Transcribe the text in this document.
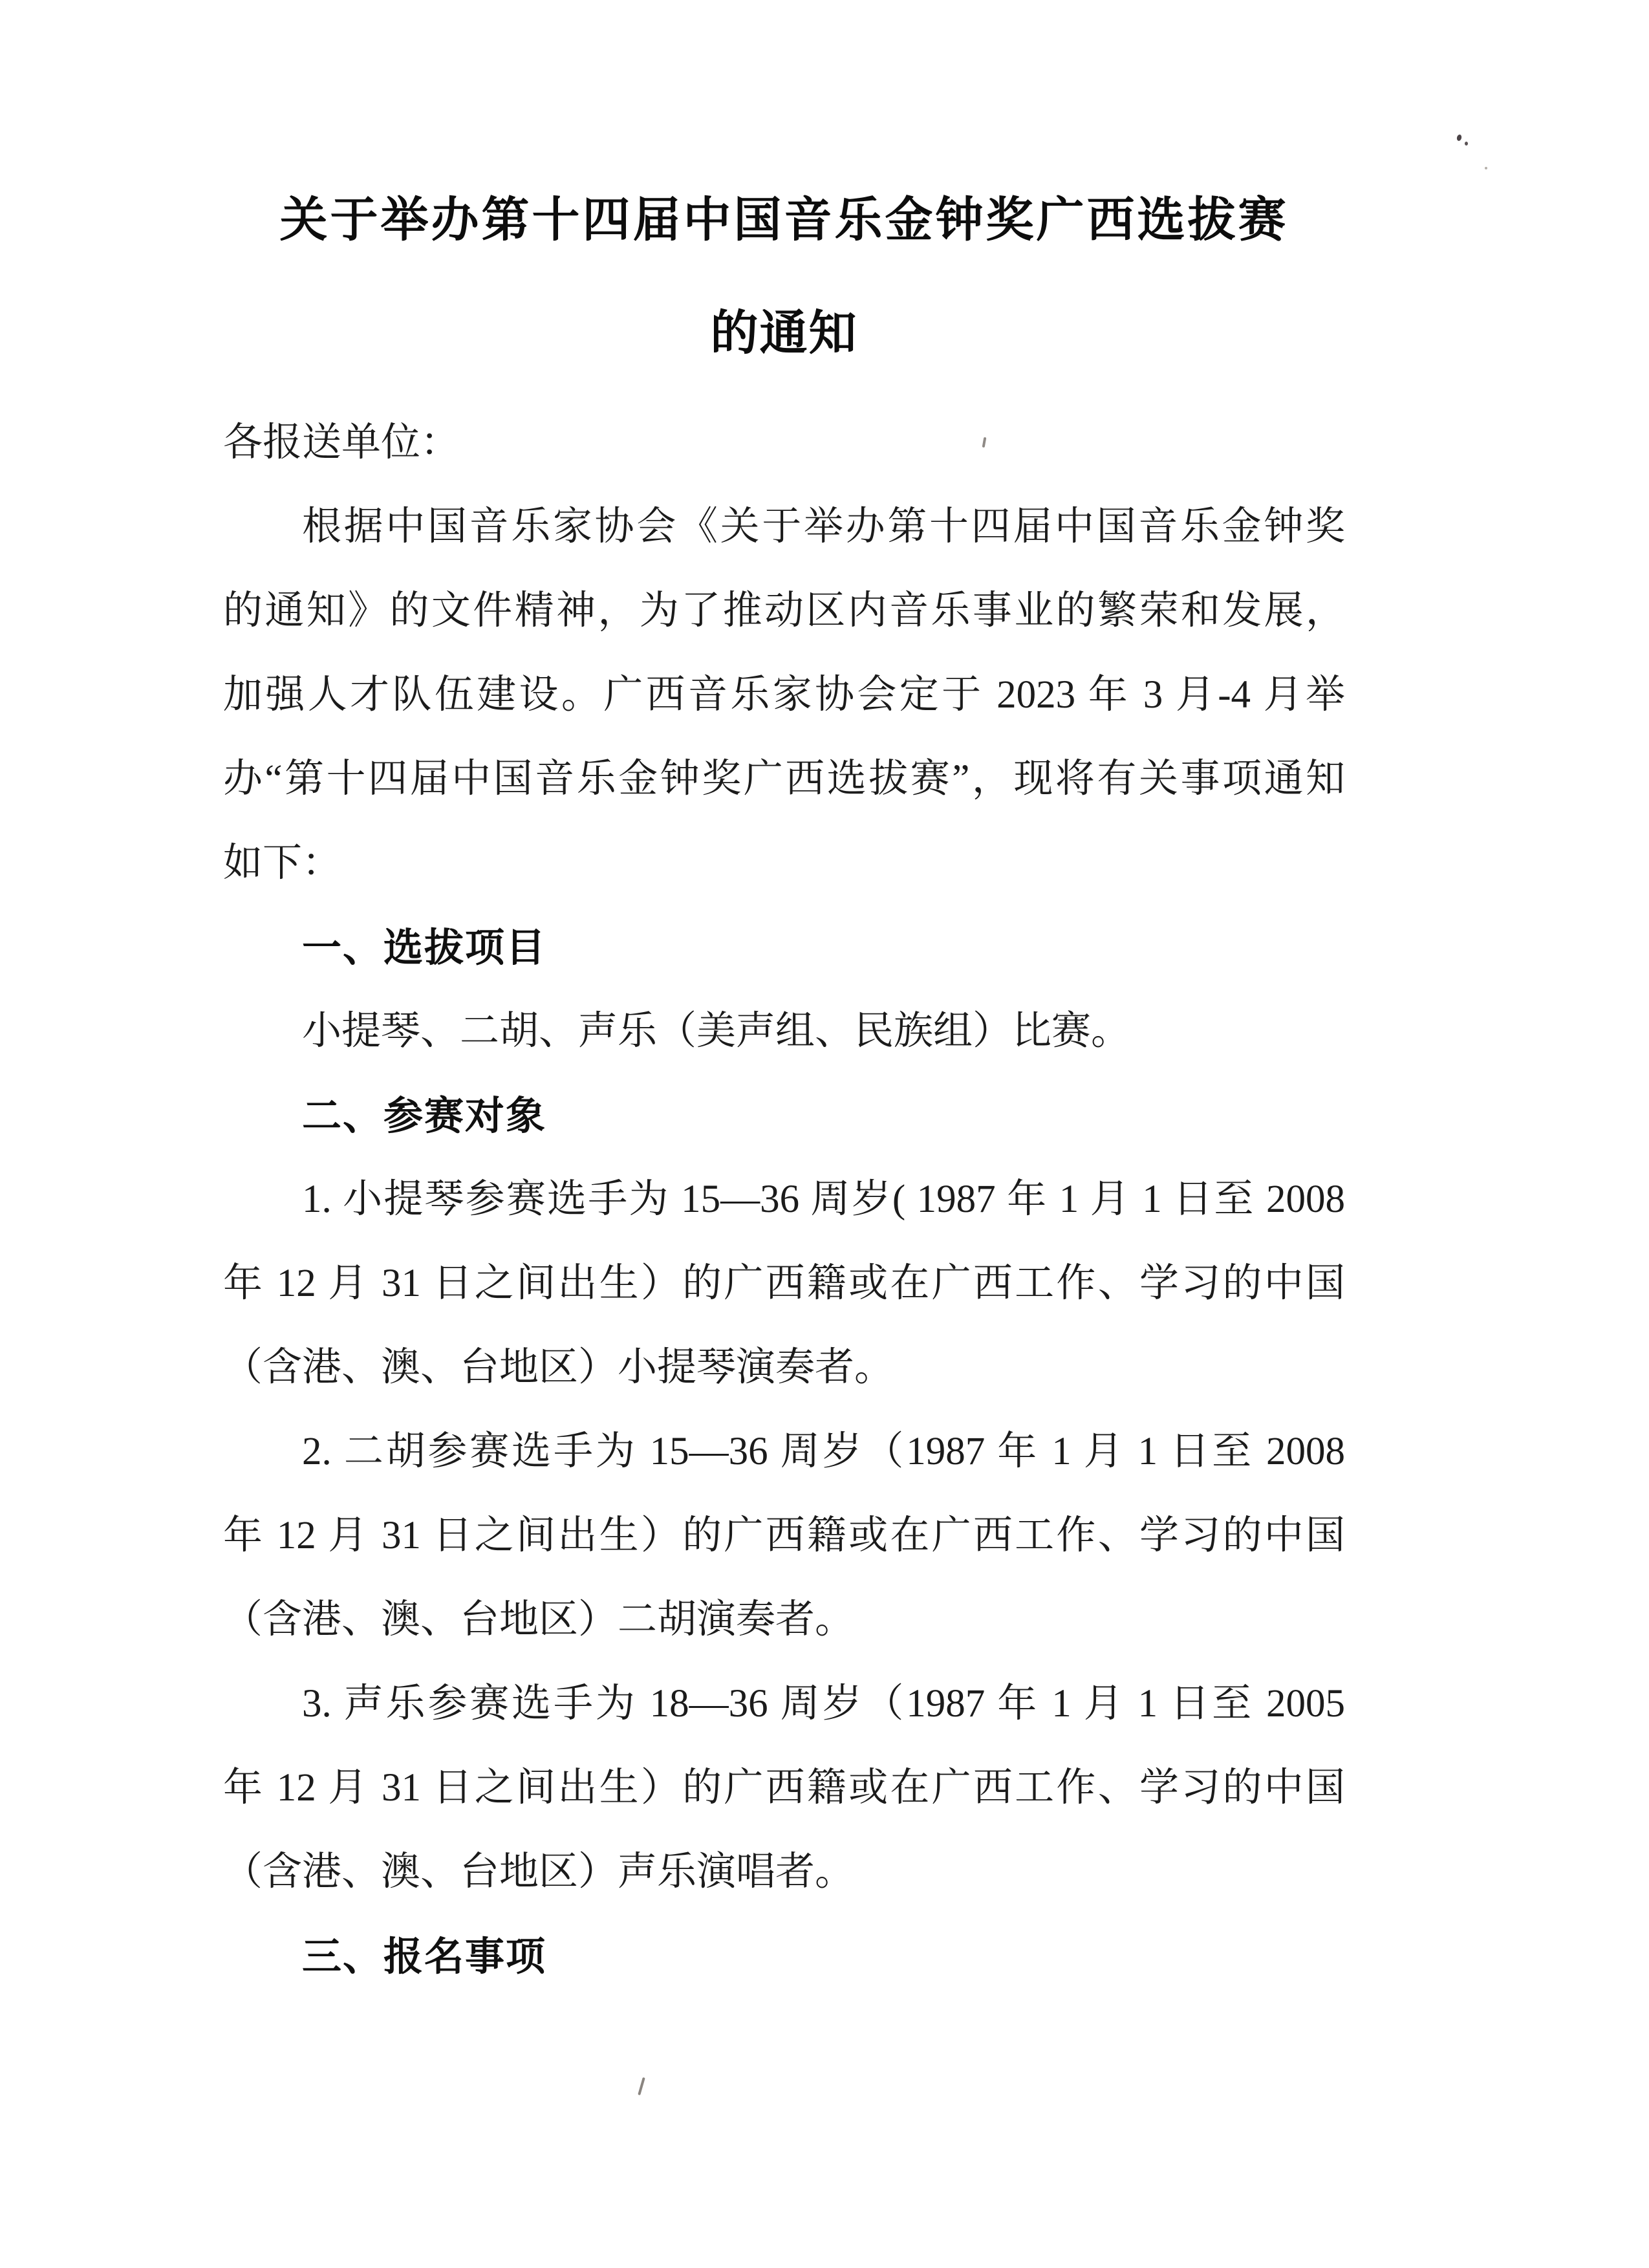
关于举办第十四届中国音乐金钟奖广西选拔赛
的通知
各报送单位：
根据中国音乐家协会《关于举办第十四届中国音乐金钟奖
的通知》的文件精神，为了推动区内音乐事业的繁荣和发展，
加强人才队伍建设。广西音乐家协会定于 2023 年 3 月-4 月举
办“第十四届中国音乐金钟奖广西选拔赛”，现将有关事项通知
如下：
一、选拔项目
小提琴、二胡、声乐（美声组、民族组）比赛。
二、参赛对象
1. 小提琴参赛选手为 15—36 周岁( 1987 年 1 月 1 日至 2008
年 12 月 31 日之间出生）的广西籍或在广西工作、学习的中国
（含港、澳、台地区）小提琴演奏者。
2. 二胡参赛选手为 15—36 周岁（1987 年 1 月 1 日至 2008
年 12 月 31 日之间出生）的广西籍或在广西工作、学习的中国
（含港、澳、台地区）二胡演奏者。
3. 声乐参赛选手为 18—36 周岁（1987 年 1 月 1 日至 2005
年 12 月 31 日之间出生）的广西籍或在广西工作、学习的中国
（含港、澳、台地区）声乐演唱者。
三、报名事项
